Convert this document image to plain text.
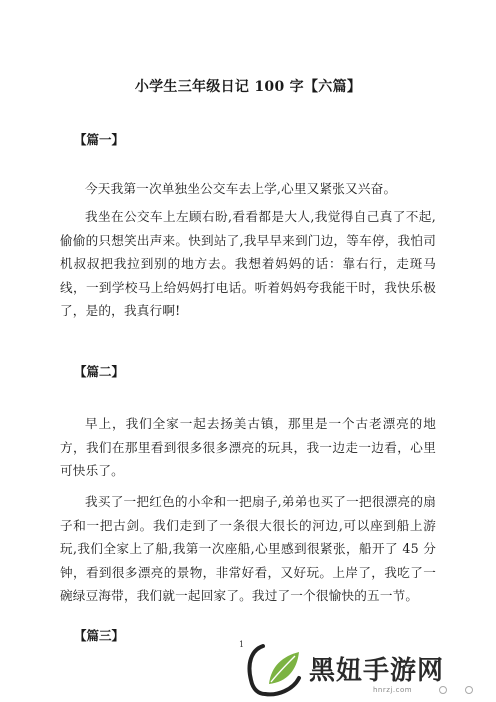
小学生三年级日记 100 字【六篇】
【篇一】
今天我第一次单独坐公交车去上学,心里又紧张又兴奋。
我坐在公交车上左顾右盼,看看都是大人,我觉得自己真了不起,偷偷的只想笑出声来。快到站了,我早早来到门边，等车停，我怕司机叔叔把我拉到别的地方去。我想着妈妈的话：靠右行，走斑马线，一到学校马上给妈妈打电话。听着妈妈夸我能干时，我快乐极了，是的，我真行啊!
【篇二】
早上，我们全家一起去扬美古镇，那里是一个古老漂亮的地方，我们在那里看到很多很多漂亮的玩具，我一边走一边看，心里可快乐了。
我买了一把红色的小伞和一把扇子,弟弟也买了一把很漂亮的扇子和一把古剑。我们走到了一条很大很长的河边,可以座到船上游玩,我们全家上了船,我第一次座船,心里感到很紧张，船开了 45 分钟，看到很多漂亮的景物，非常好看，又好玩。上岸了，我吃了一碗绿豆海带，我们就一起回家了。我过了一个很愉快的五一节。
【篇三】
1
黑妞手游网
hnrzj.com
